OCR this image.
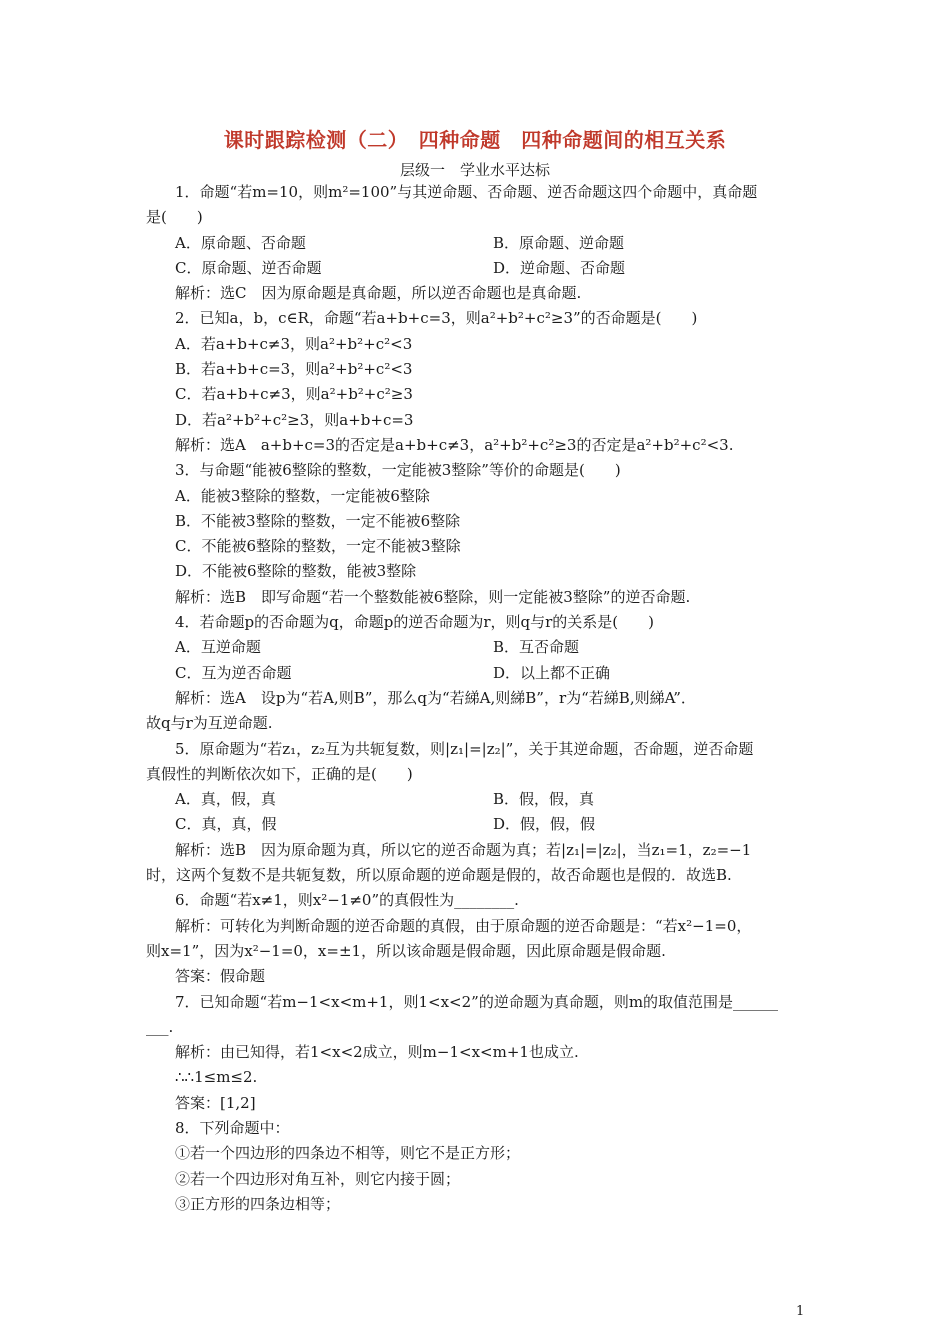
课时跟踪检测（二）　四种命题　四种命题间的相互关系
层级一　学业水平达标
1．命题“若m=10，则m²=100”与其逆命题、否命题、逆否命题这四个命题中，真命题
是(　　)
A．原命题、否命题	B．原命题、逆命题
C．原命题、逆否命题	D．逆命题、否命题
解析：选C　因为原命题是真命题，所以逆否命题也是真命题.
2．已知a，b，c∈R，命题“若a+b+c=3，则a²+b²+c²≥3”的否命题是(　　)
A．若a+b+c≠3，则a²+b²+c²<3
B．若a+b+c=3，则a²+b²+c²<3
C．若a+b+c≠3，则a²+b²+c²≥3
D．若a²+b²+c²≥3，则a+b+c=3
解析：选A　a+b+c=3的否定是a+b+c≠3，a²+b²+c²≥3的否定是a²+b²+c²<3.
3．与命题“能被6整除的整数，一定能被3整除”等价的命题是(　　)
A．能被3整除的整数，一定能被6整除
B．不能被3整除的整数，一定不能被6整除
C．不能被6整除的整数，一定不能被3整除
D．不能被6整除的整数，能被3整除
解析：选B　即写命题“若一个整数能被6整除，则一定能被3整除”的逆否命题.
4．若命题p的否命题为q，命题p的逆否命题为r，则q与r的关系是(　　)
A．互逆命题	B．互否命题
C．互为逆否命题	D．以上都不正确
解析：选A　设p为“若A,则B”，那么q为“若綈A,则綈B”，r为“若綈B,则綈A”．
故q与r为互逆命题.
5．原命题为“若z₁，z₂互为共轭复数，则|z₁|=|z₂|”，关于其逆命题，否命题，逆否命题
真假性的判断依次如下，正确的是(　　)
A．真，假，真	B．假，假，真
C．真，真，假	D．假，假，假
解析：选B　因为原命题为真，所以它的逆否命题为真；若|z₁|=|z₂|，当z₁=1，z₂=−1
时，这两个复数不是共轭复数，所以原命题的逆命题是假的，故否命题也是假的．故选B.
6．命题“若x≠1，则x²−1≠0”的真假性为________.
解析：可转化为判断命题的逆否命题的真假，由于原命题的逆否命题是：“若x²−1=0，
则x=1”，因为x²−1=0，x=±1，所以该命题是假命题，因此原命题是假命题.
答案：假命题
7．已知命题“若m−1<x<m+1，则1<x<2”的逆命题为真命题，则m的取值范围是______
___.
解析：由已知得，若1<x<2成立，则m−1<x<m+1也成立.
∴∴1≤m≤2.
答案：[1,2]
8．下列命题中：
①若一个四边形的四条边不相等，则它不是正方形；
②若一个四边形对角互补，则它内接于圆；
③正方形的四条边相等；
1
